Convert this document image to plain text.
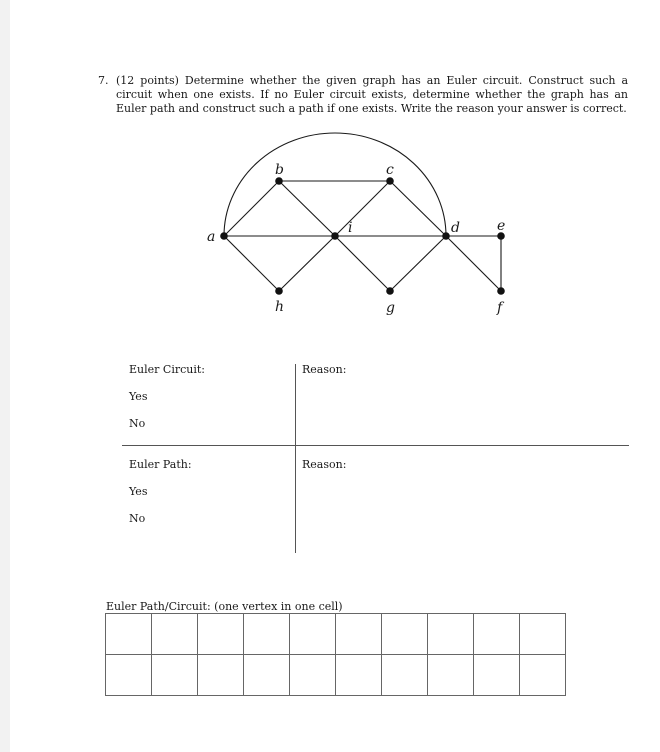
7. (12 points) Determine whether the given graph has an Euler circuit. Construct such a circuit when one exists. If no Euler circuit exists, determine whether the graph has an Euler path and construct such a path if one exists. Write the reason your answer is correct.
a
b	c
d	e
f
g
h
i
Euler Circuit:
Yes
No
Reason:
Euler Path:
Yes
No
Reason:
Euler Path/Circuit: (one vertex in one cell)
